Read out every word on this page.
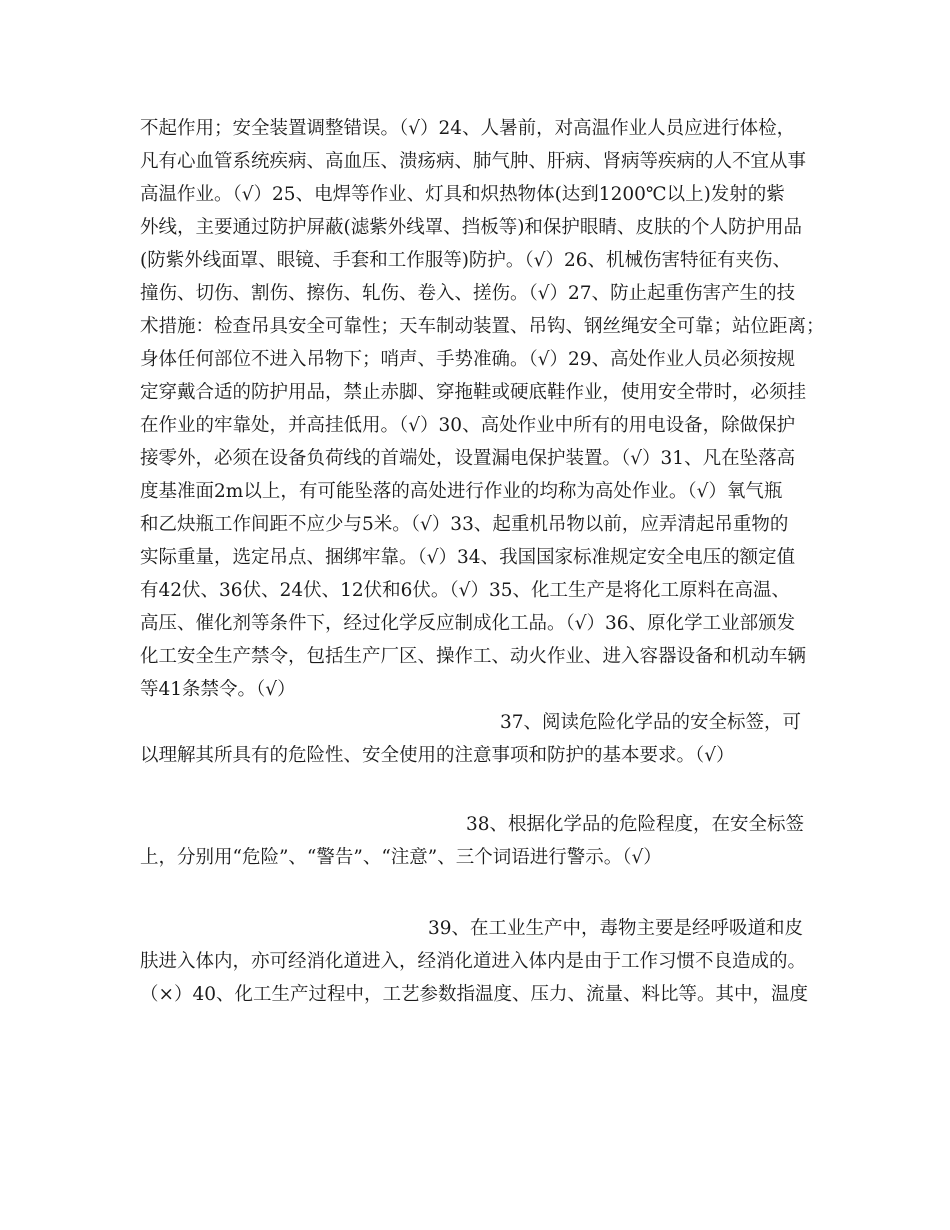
不起作用；安全装置调整错误。（√）24、人暑前，对高温作业人员应进行体检，
凡有心血管系统疾病、高血压、溃疡病、肺气肿、肝病、肾病等疾病的人不宜从事
高温作业。（√）25、电焊等作业、灯具和炽热物体(达到1200℃以上)发射的紫
外线，主要通过防护屏蔽(滤紫外线罩、挡板等)和保护眼睛、皮肤的个人防护用品
(防紫外线面罩、眼镜、手套和工作服等)防护。（√）26、机械伤害特征有夹伤、
撞伤、切伤、割伤、擦伤、轧伤、卷入、搓伤。（√）27、防止起重伤害产生的技
术措施：检查吊具安全可靠性；天车制动装置、吊钩、钢丝绳安全可靠；站位距离；
身体任何部位不进入吊物下；哨声、手势准确。（√）29、高处作业人员必须按规
定穿戴合适的防护用品，禁止赤脚、穿拖鞋或硬底鞋作业，使用安全带时，必须挂
在作业的牢靠处，并高挂低用。（√）30、高处作业中所有的用电设备，除做保护
接零外，必须在设备负荷线的首端处，设置漏电保护装置。（√）31、凡在坠落高
度基准面2m以上，有可能坠落的高处进行作业的均称为高处作业。（√）氧气瓶
和乙炔瓶工作间距不应少与5米。（√）33、起重机吊物以前，应弄清起吊重物的
实际重量，选定吊点、捆绑牢靠。（√）34、我国国家标准规定安全电压的额定值
有42伏、36伏、24伏、12伏和6伏。（√）35、化工生产是将化工原料在高温、
高压、催化剂等条件下，经过化学反应制成化工品。（√）36、原化学工业部颁发
化工安全生产禁令，包括生产厂区、操作工、动火作业、进入容器设备和机动车辆
等41条禁令。（√）
37、阅读危险化学品的安全标签，可
以理解其所具有的危险性、安全使用的注意事项和防护的基本要求。（√）
38、根据化学品的危险程度，在安全标签
上，分别用“危险”、“警告”、“注意”、三个词语进行警示。（√）
39、在工业生产中，毒物主要是经呼吸道和皮
肤进入体内，亦可经消化道进入，经消化道进入体内是由于工作习惯不良造成的。
（×）40、化工生产过程中，工艺参数指温度、压力、流量、料比等。其中，温度
